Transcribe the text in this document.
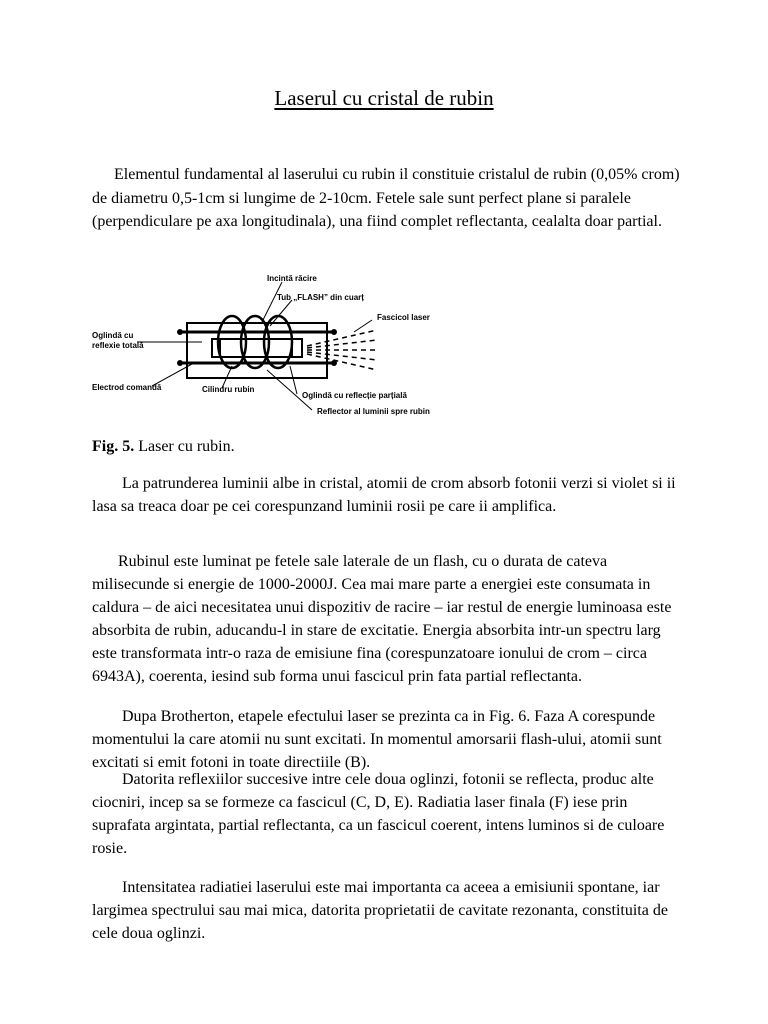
Laserul cu cristal de rubin

Elementul fundamental al laserului cu rubin il constituie cristalul de rubin (0,05% crom) de diametru 0,5-1cm si lungime de 2-10cm. Fetele sale sunt perfect plane si paralele (perpendiculare pe axa longitudinala), una fiind complet reflectanta, cealalta doar partial.

Incintă răcire
Tub „FLASH” din cuarț
Fascicol laser
Oglindă cu
reflexie totală
Electrod comandă	Cilindru rubin
Oglindă cu reflecție parțială
Reflector al luminii spre rubin
Fig. 5. Laser cu rubin.

La patrunderea luminii albe in cristal, atomii de crom absorb fotonii verzi si violet si ii lasa sa treaca doar pe cei corespunzand luminii rosii pe care ii amplifica.

Rubinul este luminat pe fetele sale laterale de un flash, cu o durata de cateva milisecunde si energie de 1000-2000J. Cea mai mare parte a energiei este consumata in caldura – de aici necesitatea unui dispozitiv de racire – iar restul de energie luminoasa este absorbita de rubin, aducandu-l in stare de excitatie. Energia absorbita intr-un spectru larg este transformata intr-o raza de emisiune fina (corespunzatoare ionului de crom – circa 6943A), coerenta, iesind sub forma unui fascicul prin fata partial reflectanta.

Dupa Brotherton, etapele efectului laser se prezinta ca in Fig. 6. Faza A corespunde momentului la care atomii nu sunt excitati. In momentul amorsarii flash-ului, atomii sunt excitati si emit fotoni in toate directiile (B).

Datorita reflexiilor succesive intre cele doua oglinzi, fotonii se reflecta, produc alte ciocniri, incep sa se formeze ca fascicul (C, D, E). Radiatia laser finala (F) iese prin suprafata argintata, partial reflectanta, ca un fascicul coerent, intens luminos si de culoare rosie.

Intensitatea radiatiei laserului este mai importanta ca aceea a emisiunii spontane, iar largimea spectrului sau mai mica, datorita proprietatii de cavitate rezonanta, constituita de cele doua oglinzi.
